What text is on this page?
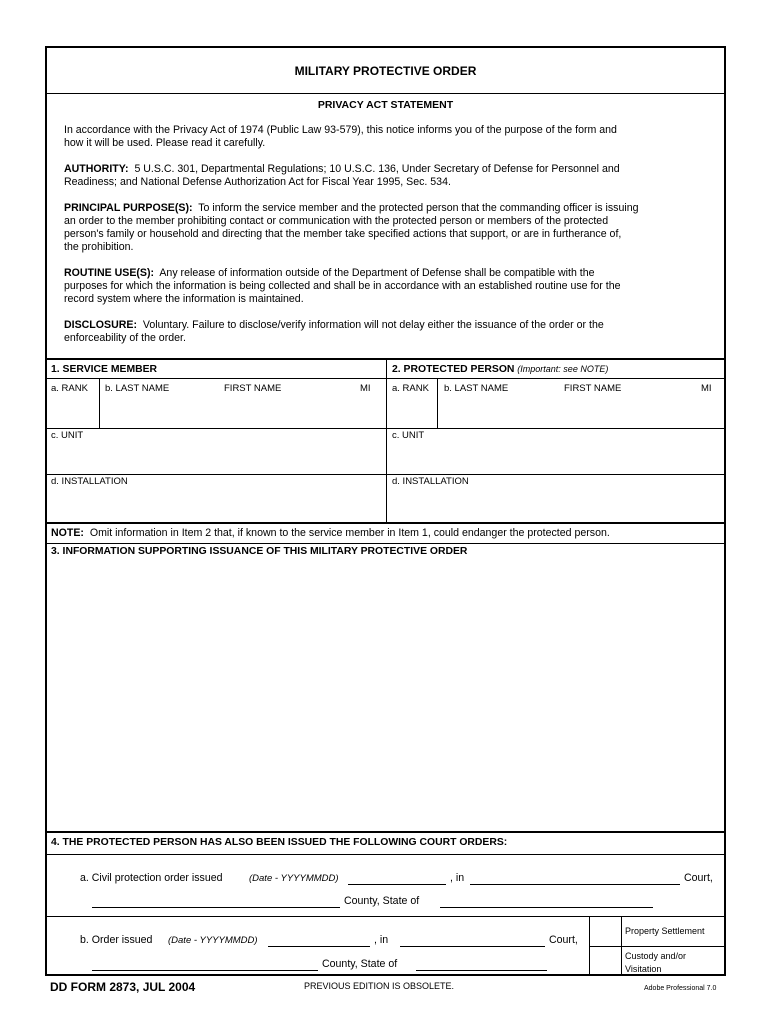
MILITARY PROTECTIVE ORDER
PRIVACY ACT STATEMENT
In accordance with the Privacy Act of 1974 (Public Law 93-579), this notice informs you of the purpose of the form and
how it will be used. Please read it carefully.
AUTHORITY: 5 U.S.C. 301, Departmental Regulations; 10 U.S.C. 136, Under Secretary of Defense for Personnel and
Readiness; and National Defense Authorization Act for Fiscal Year 1995, Sec. 534.
PRINCIPAL PURPOSE(S): To inform the service member and the protected person that the commanding officer is issuing
an order to the member prohibiting contact or communication with the protected person or members of the protected
person's family or household and directing that the member take specified actions that support, or are in furtherance of,
the prohibition.
ROUTINE USE(S): Any release of information outside of the Department of Defense shall be compatible with the
purposes for which the information is being collected and shall be in accordance with an established routine use for the
record system where the information is maintained.
DISCLOSURE: Voluntary. Failure to disclose/verify information will not delay either the issuance of the order or the
enforceability of the order.
1. SERVICE MEMBER	2. PROTECTED PERSON (Important: see NOTE)
a. RANK b. LAST NAME	FIRST NAME	MI a. RANK b. LAST NAME	FIRST NAME	MI
c. UNIT	c. UNIT
d. INSTALLATION	d. INSTALLATION
NOTE: Omit information in Item 2 that, if known to the service member in Item 1, could endanger the protected person.
3. INFORMATION SUPPORTING ISSUANCE OF THIS MILITARY PROTECTIVE ORDER
4. THE PROTECTED PERSON HAS ALSO BEEN ISSUED THE FOLLOWING COURT ORDERS:
a. Civil protection order issued	(Date - YYYYMMDD)	, in	Court,
County, State of
Property Settlement
Custody and/or
Visitation
b. Order issued (Date - YYYYMMDD)	, in	Court,
County, State of
DD FORM 2873, JUL 2004	PREVIOUS EDITION IS OBSOLETE.	Adobe Professional 7.0
